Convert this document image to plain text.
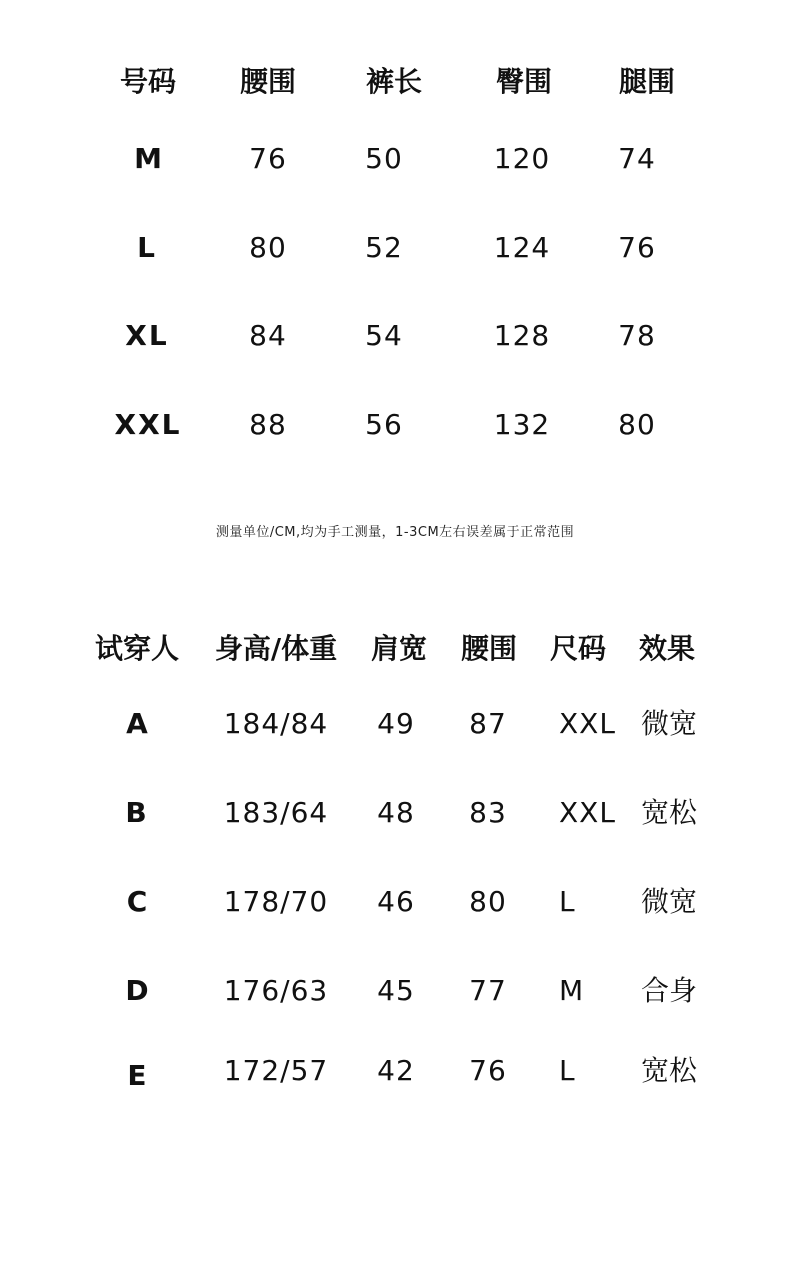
号码 腰围 裤长	臀围 腿围
M	76	50	120 74
L	80	52	124 76
XL	84	54	128 78
XXL 88	56	132 80
测量单位/CM,均为手工测量，1-3CM左右误差属于正常范围
试穿人 身高/体重 肩宽 腰围 尺码 效果
A	184/84 49 87 XXL 微宽
B	183/64 48 83 XXL 宽松
C	178/70 46 80 L 微宽
D	176/63 45 77 M 合身
E	172/57 42 76 L 宽松
